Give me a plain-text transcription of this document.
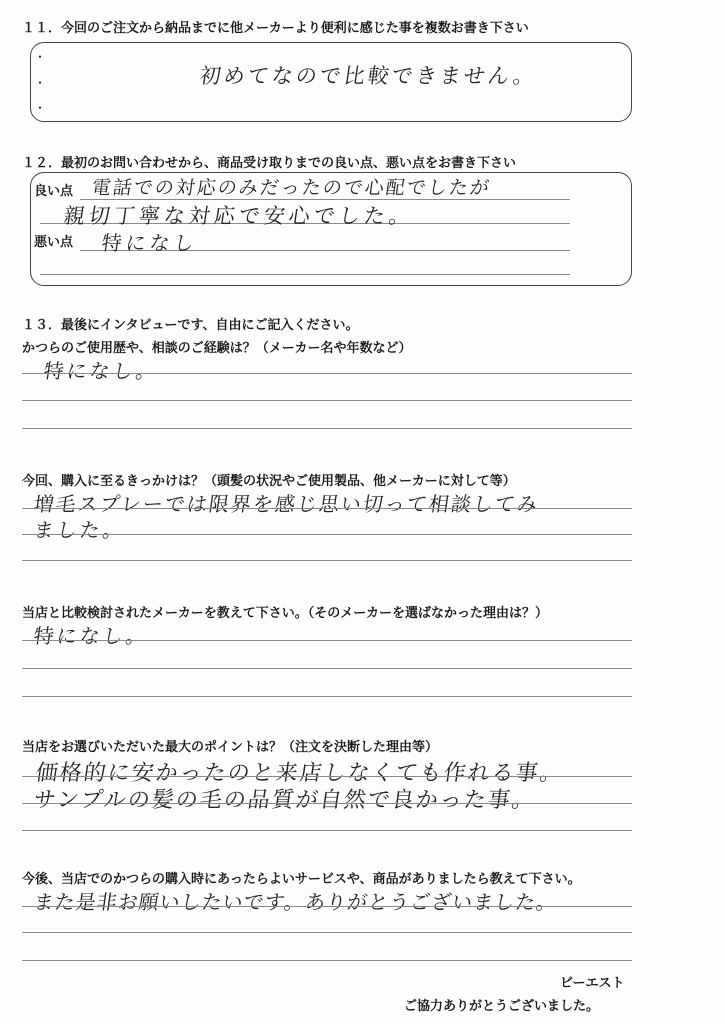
１１．今回のご注文から納品までに他メーカーより便利に感じた事を複数お書き下さい
・
・
・
初めてなので比較できません。
１２．最初のお問い合わせから、商品受け取りまでの良い点、悪い点をお書き下さい
良い点
悪い点
電話での対応のみだったので心配でしたが
親切丁寧な対応で安心でした。
特になし
１３．最後にインタビューです、自由にご記入ください。
かつらのご使用歴や、相談のご経験は？（メーカー名や年数など）
特になし。
今回、購入に至るきっかけは？（頭髪の状況やご使用製品、他メーカーに対して等）
増毛スプレーでは限界を感じ思い切って相談してみ
ました。
当店と比較検討されたメーカーを教えて下さい。（そのメーカーを選ばなかった理由は？）
特になし。
当店をお選びいただいた最大のポイントは？（注文を決断した理由等）
価格的に安かったのと来店しなくても作れる事。
サンプルの髪の毛の品質が自然で良かった事。
今後、当店でのかつらの購入時にあったらよいサービスや、商品がありましたら教えて下さい。
また是非お願いしたいです。ありがとうございました。
ビーエスト
ご協力ありがとうございました。
